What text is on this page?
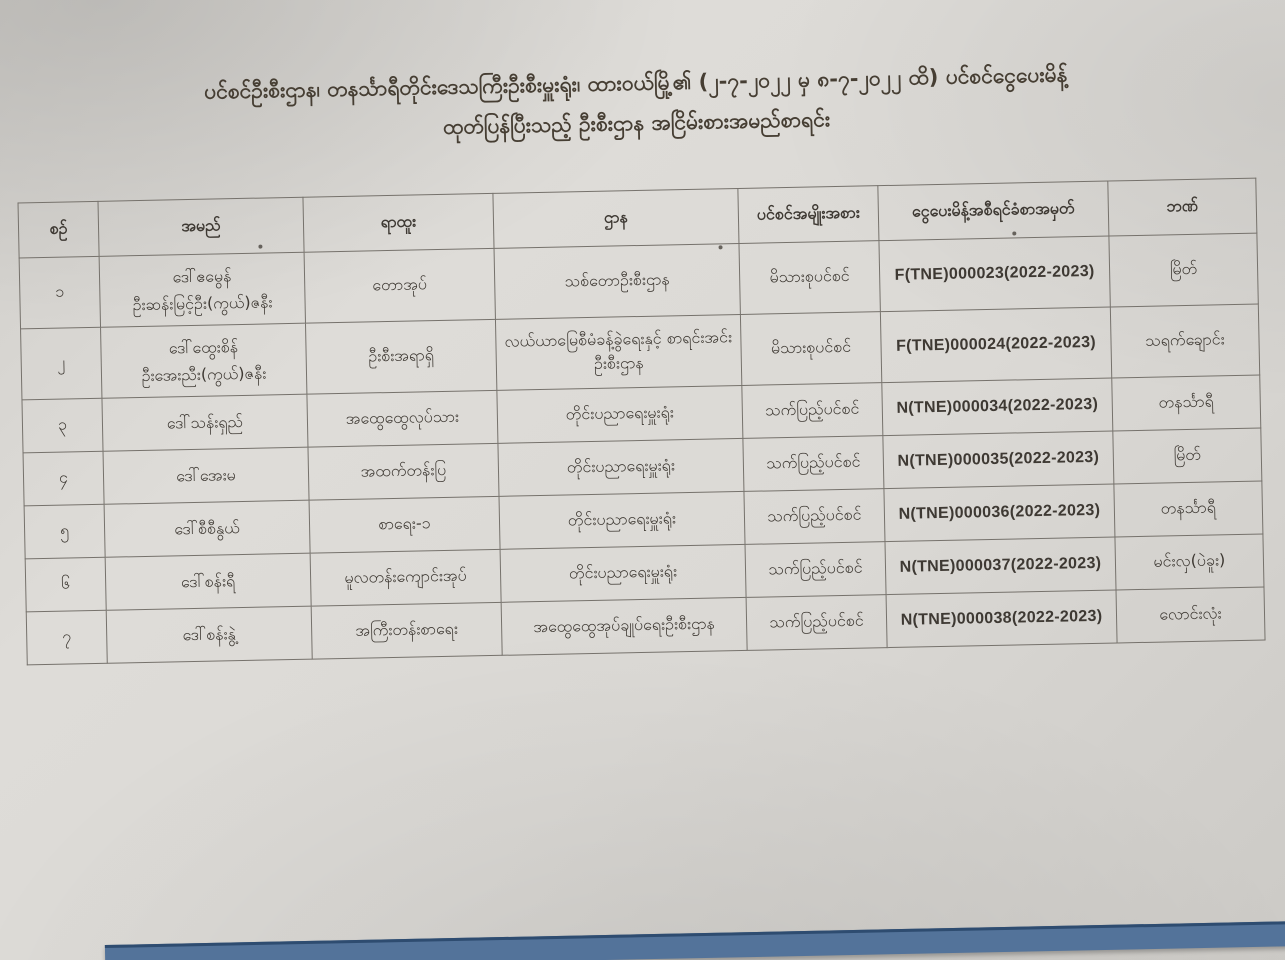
ပင်စင်ဦးစီးဌာန၊ တနင်္သာရီတိုင်းဒေသကြီးဦးစီးမှူးရုံး၊ ထားဝယ်မြို့၏ (၂-၇-၂၀၂၂ မှ ၈-၇-၂၀၂၂ ထိ) ပင်စင်ငွေပေးမိန့်
ထုတ်ပြန်ပြီးသည့် ဦးစီးဌာန အငြိမ်းစားအမည်စာရင်း
စဉ်	အမည်	ရာထူး	ဌာန	ပင်စင်အမျိုးအစား	ငွေပေးမိန့်အစီရင်ခံစာအမှတ်	ဘဏ်
၁	ဒေါ်ဧမွေန်
ဦးဆန်းမြင့်ဦး(ကွယ်)ဇနီး	တောအုပ်	သစ်တောဦးစီးဌာန	မိသားစုပင်စင်	F(TNE)000023(2022-2023)	မြိတ်
၂	ဒေါ်ထွေးစိန်
ဦးအေးညီး(ကွယ်)ဇနီး	ဦးစီးအရာရှိ	လယ်ယာမြေစီမံခန့်ခွဲရေးနှင့် စာရင်းအင်းဦးစီးဌာန	မိသားစုပင်စင်	F(TNE)000024(2022-2023)	သရက်ချောင်း
၃	ဒေါ်သန်းရှည်	အထွေထွေလုပ်သား	တိုင်းပညာရေးမှူးရုံး	သက်ပြည့်ပင်စင်	N(TNE)000034(2022-2023)	တနင်္သာရီ
၄	ဒေါ်အေးမ	အထက်တန်းပြ	တိုင်းပညာရေးမှူးရုံး	သက်ပြည့်ပင်စင်	N(TNE)000035(2022-2023)	မြိတ်
၅	ဒေါ်စီစီနွယ်	စာရေး-၁	တိုင်းပညာရေးမှူးရုံး	သက်ပြည့်ပင်စင်	N(TNE)000036(2022-2023)	တနင်္သာရီ
၆	ဒေါ်စန်းရီ	မူလတန်းကျောင်းအုပ်	တိုင်းပညာရေးမှူးရုံး	သက်ပြည့်ပင်စင်	N(TNE)000037(2022-2023)	မင်းလှ(ပဲခူး)
၇	ဒေါ်စန်းနွဲ့	အကြီးတန်းစာရေး	အထွေထွေအုပ်ချုပ်ရေးဦးစီးဌာန	သက်ပြည့်ပင်စင်	N(TNE)000038(2022-2023)	လောင်းလုံး
